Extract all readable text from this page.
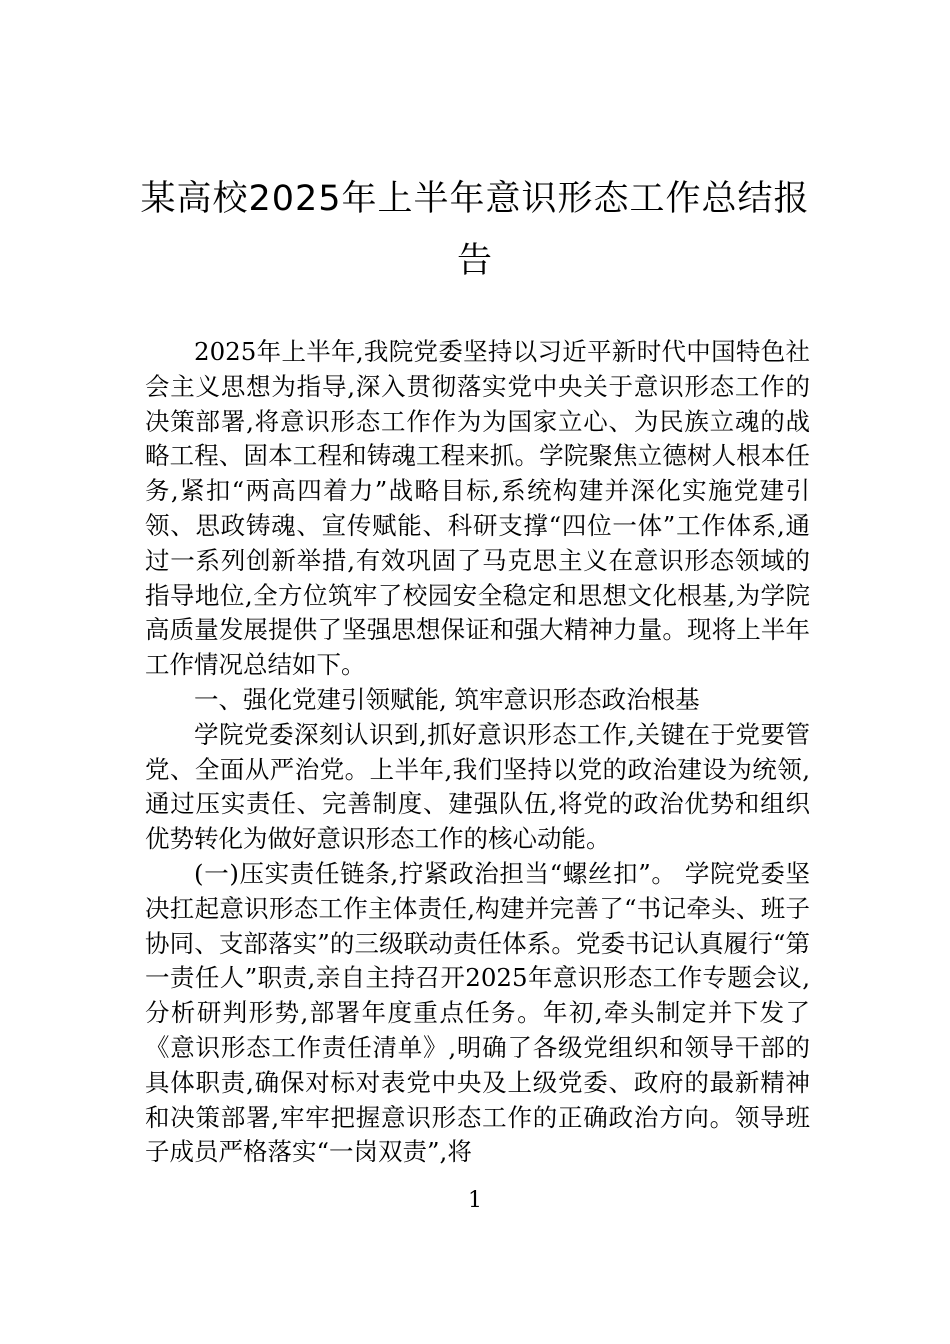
某高校2025年上半年意识形态工作总结报告

2025年上半年,我院党委坚持以习近平新时代中国特色社会主义思想为指导,深入贯彻落实党中央关于意识形态工作的决策部署,将意识形态工作作为为国家立心、为民族立魂的战略工程、固本工程和铸魂工程来抓。学院聚焦立德树人根本任务,紧扣“两高四着力”战略目标,系统构建并深化实施党建引领、思政铸魂、宣传赋能、科研支撑“四位一体”工作体系,通过一系列创新举措,有效巩固了马克思主义在意识形态领域的指导地位,全方位筑牢了校园安全稳定和思想文化根基,为学院高质量发展提供了坚强思想保证和强大精神力量。现将上半年工作情况总结如下。

一、强化党建引领赋能, 筑牢意识形态政治根基

学院党委深刻认识到,抓好意识形态工作,关键在于党要管党、全面从严治党。上半年,我们坚持以党的政治建设为统领,通过压实责任、完善制度、建强队伍,将党的政治优势和组织优势转化为做好意识形态工作的核心动能。

(一)压实责任链条,拧紧政治担当“螺丝扣”。 学院党委坚决扛起意识形态工作主体责任,构建并完善了“书记牵头、班子协同、支部落实”的三级联动责任体系。党委书记认真履行“第一责任人”职责,亲自主持召开2025年意识形态工作专题会议,分析研判形势,部署年度重点任务。年初,牵头制定并下发了《意识形态工作责任清单》,明确了各级党组织和领导干部的具体职责,确保对标对表党中央及上级党委、政府的最新精神和决策部署,牢牢把握意识形态工作的正确政治方向。领导班子成员严格落实“一岗双责”,将

1
